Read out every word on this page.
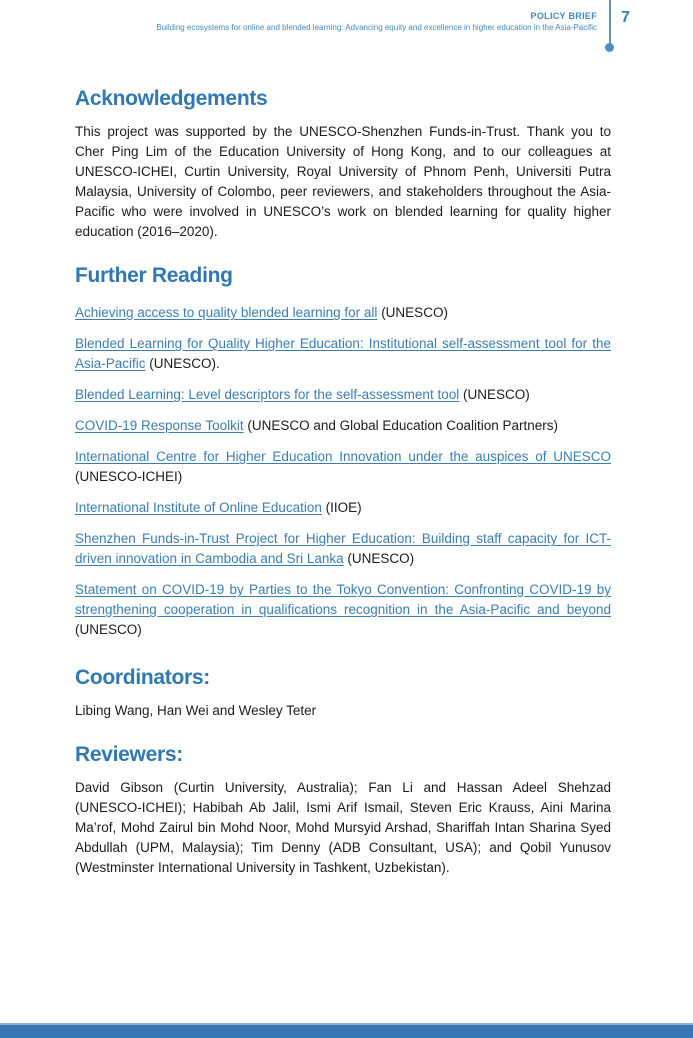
POLICY BRIEF
Building ecosystems for online and blended learning: Advancing equity and excellence in higher education in the Asia-Pacific
7
Acknowledgements

This project was supported by the UNESCO-Shenzhen Funds-in-Trust. Thank you to Cher Ping Lim of the Education University of Hong Kong, and to our colleagues at UNESCO-ICHEI, Curtin University, Royal University of Phnom Penh, Universiti Putra Malaysia, University of Colombo, peer reviewers, and stakeholders throughout the Asia-Pacific who were involved in UNESCO’s work on blended learning for quality higher education (2016–2020).

Further Reading

Achieving access to quality blended learning for all (UNESCO)

Blended Learning for Quality Higher Education: Institutional self-assessment tool for the Asia-Pacific (UNESCO).

Blended Learning: Level descriptors for the self-assessment tool (UNESCO)

COVID-19 Response Toolkit (UNESCO and Global Education Coalition Partners)

International Centre for Higher Education Innovation under the auspices of UNESCO (UNESCO-ICHEI)

International Institute of Online Education (IIOE)

Shenzhen Funds-in-Trust Project for Higher Education: Building staff capacity for ICT-driven innovation in Cambodia and Sri Lanka (UNESCO)

Statement on COVID-19 by Parties to the Tokyo Convention: Confronting COVID-19 by strengthening cooperation in qualifications recognition in the Asia-Pacific and beyond (UNESCO)

Coordinators:

Libing Wang, Han Wei and Wesley Teter

Reviewers:

David Gibson (Curtin University, Australia); Fan Li and Hassan Adeel Shehzad (UNESCO-ICHEI); Habibah Ab Jalil, Ismi Arif Ismail, Steven Eric Krauss, Aini Marina Ma’rof, Mohd Zairul bin Mohd Noor, Mohd Mursyid Arshad, Shariffah Intan Sharina Syed Abdullah (UPM, Malaysia); Tim Denny (ADB Consultant, USA); and Qobil Yunusov (Westminster International University in Tashkent, Uzbekistan).
